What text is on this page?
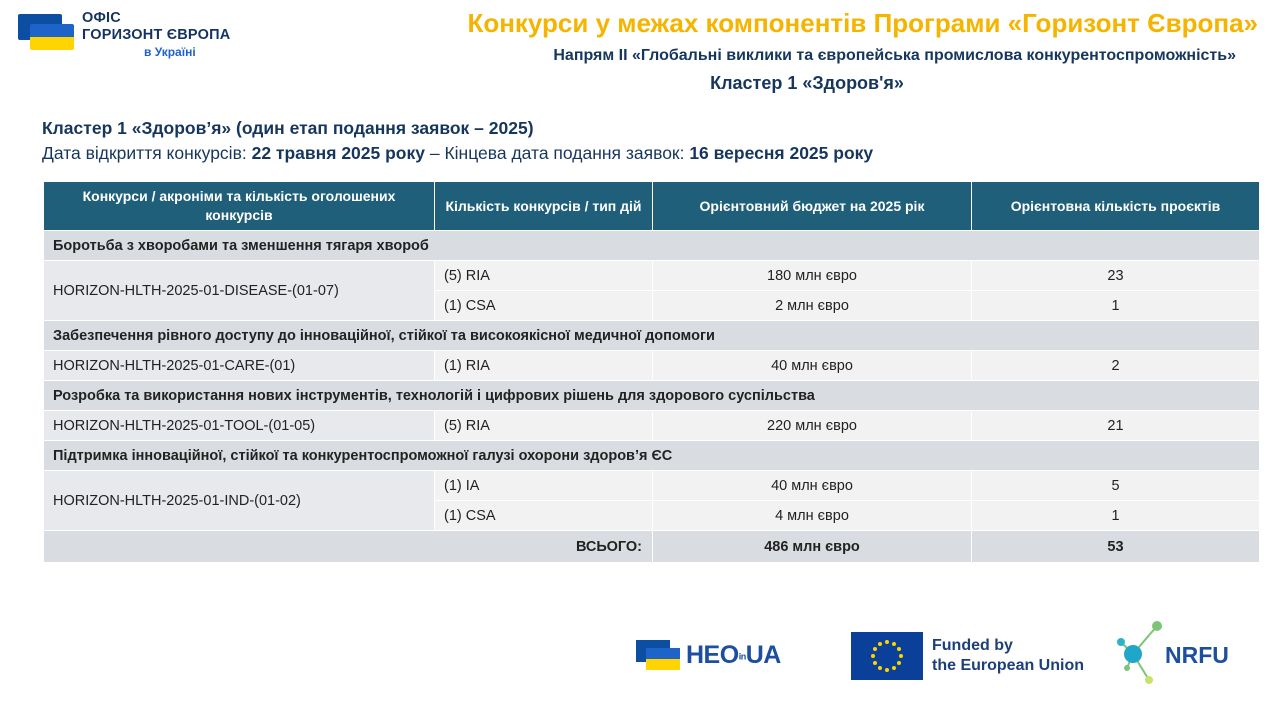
ОФІС
ГОРИЗОНТ ЄВРОПА
в Україні
Конкурси у межах компонентів Програми «Горизонт Європа»
Напрям II «Глобальні виклики та європейська промислова конкурентоспроможність»
Кластер 1 «Здоров'я»
Кластер 1 «Здоров’я» (один етап подання заявок – 2025)
Дата відкриття конкурсів: 22 травня 2025 року – Кінцева дата подання заявок: 16 вересня 2025 року
Конкурси / акроніми та кількість оголошених конкурсів	Кількість конкурсів / тип дій	Орієнтовний бюджет на 2025 рік	Орієнтовна кількість проєктів
Боротьба з хворобами та зменшення тягаря хвороб			
HORIZON-HLTH-2025-01-DISEASE-(01-07)	(5) RIA	180 млн євро	23
	(1) CSA	2 млн євро	1
Забезпечення рівного доступу до інноваційної, стійкої та високоякісної медичної допомоги			
HORIZON-HLTH-2025-01-CARE-(01)	(1) RIA	40 млн євро	2
Розробка та використання нових інструментів, технологій і цифрових рішень для здорового суспільства			
HORIZON-HLTH-2025-01-TOOL-(01-05)	(5) RIA	220 млн євро	21
Підтримка інноваційної, стійкої та конкурентоспроможної галузі охорони здоров’я ЄС			
HORIZON-HLTH-2025-01-IND-(01-02)	(1) IA	40 млн євро	5
	(1) CSA	4 млн євро	1
ВСЬОГО:		486 млн євро	53
HEOinUA	Funded by
the European Union	NRFU
